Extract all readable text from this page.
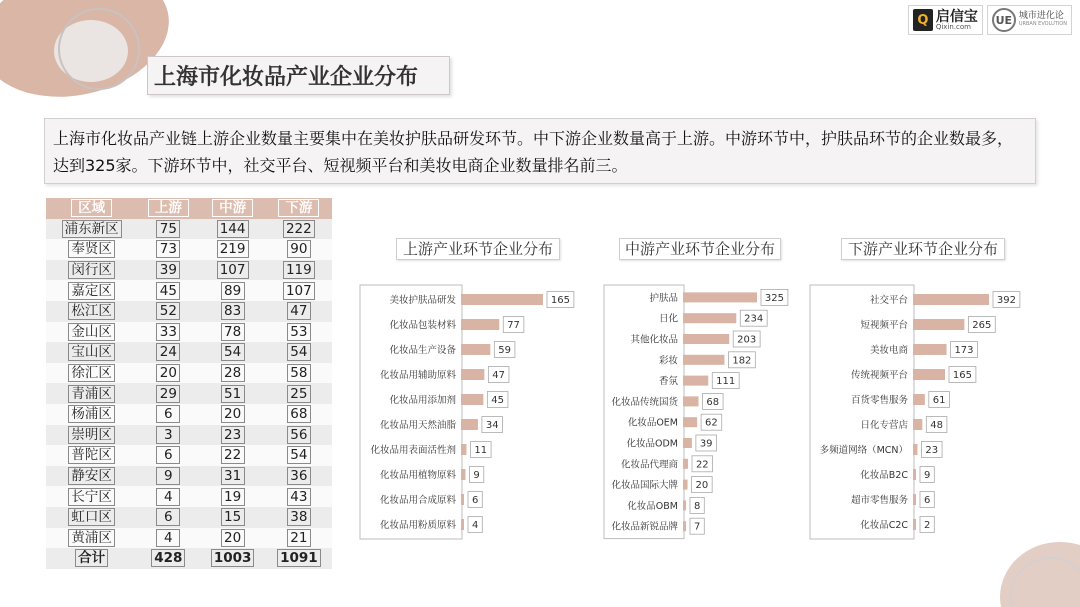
Q 启信宝
Qixin.com	UE 城市进化论
URBAN EVOLUTION
上海市化妆品产业企业分布
上海市化妆品产业链上游企业数量主要集中在美妆护肤品研发环节。中下游企业数量高于上游。中游环节中，护肤品环节的企业数最多，达到325家。下游环节中，社交平台、短视频平台和美妆电商企业数量排名前三。
区域	上游	中游	下游
浦东新区	75	144	222
奉贤区	73	219	90
闵行区	39	107	119
嘉定区	45	89	107
松江区	52	83	47
金山区	33	78	53
宝山区	24	54	54
徐汇区	20	28	58
青浦区	29	51	25
杨浦区	6	20	68
崇明区	3	23	56
普陀区	6	22	54
静安区	9	31	36
长宁区	4	19	43
虹口区	6	15	38
黄浦区	4	20	21
合计	428	1003	1091
上游产业环节企业分布	中游产业环节企业分布	下游产业环节企业分布
美妆护肤品研发	165
化妆品包装材料	77
化妆品生产设备	59
化妆品用辅助原料	47
化妆品用添加剂	45
化妆品用天然油脂	34
化妆品用表面活性剂 11
化妆品用植物原料 9
化妆品用合成原料 6
化妆品用粉质原料 4
护肤品	325
日化	234
其他化妆品	203
彩妆	182
香氛	111
化妆品传统国货	68
化妆品OEM	62
化妆品ODM 39
化妆品代理商 22
化妆品国际大牌 20
化妆品OBM 8
化妆品新锐品牌 7
社交平台	392
短视频平台	265
美妆电商	173
传统视频平台	165
百货零售服务 61
日化专营店 48
多频道网络（MCN） 23
化妆品B2C 9
超市零售服务 6
化妆品C2C 2
